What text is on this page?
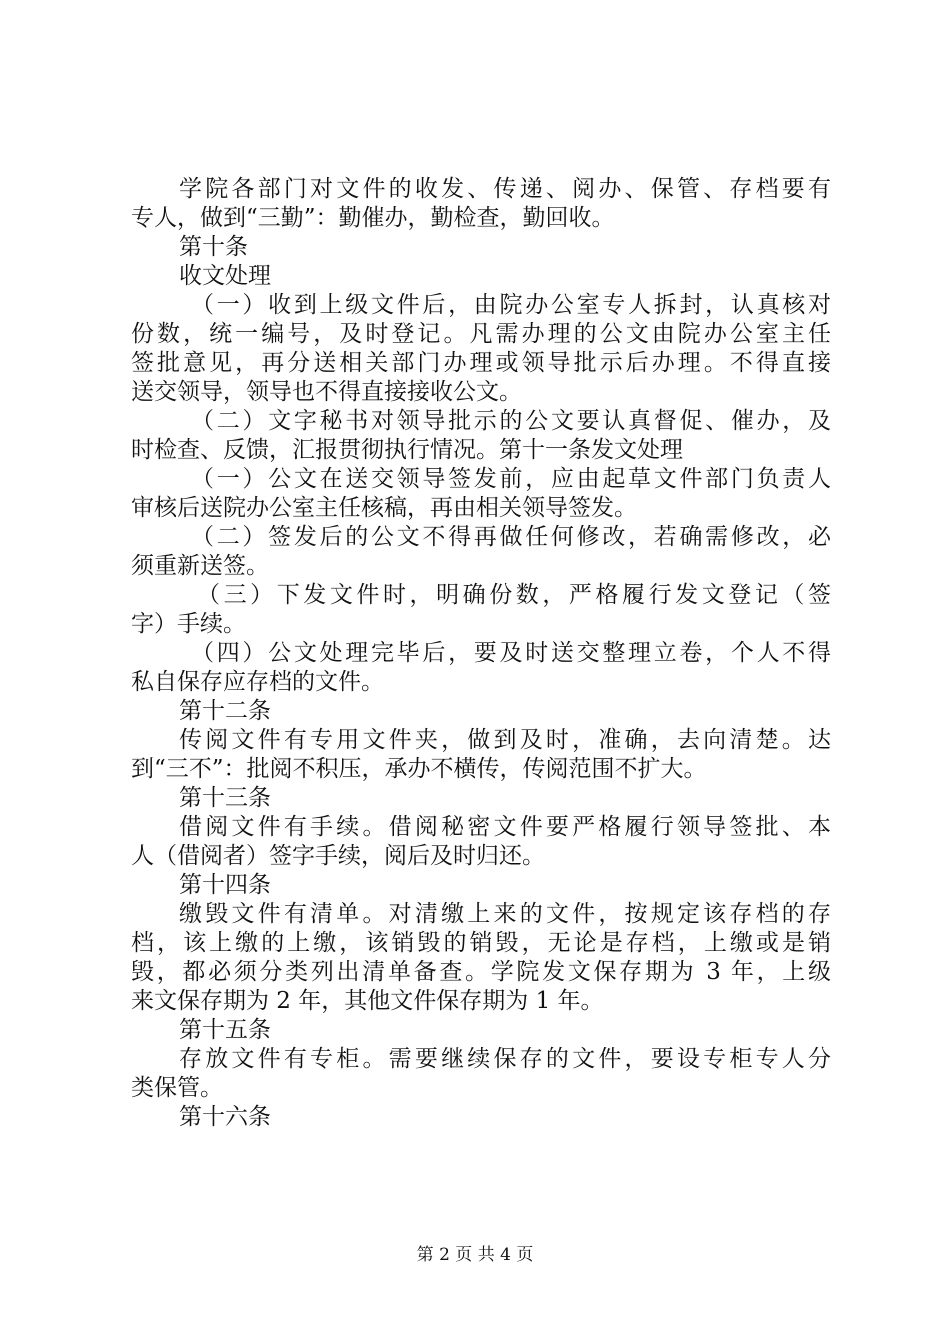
学院各部门对文件的收发、传递、阅办、保管、存档要有
专人，做到“三勤”：勤催办，勤检查，勤回收。
第十条
收文处理
（一）收到上级文件后，由院办公室专人拆封，认真核对
份数，统一编号，及时登记。凡需办理的公文由院办公室主任
签批意见，再分送相关部门办理或领导批示后办理。不得直接
送交领导，领导也不得直接接收公文。
（二）文字秘书对领导批示的公文要认真督促、催办，及
时检查、反馈，汇报贯彻执行情况。第十一条发文处理
（一）公文在送交领导签发前，应由起草文件部门负责人
审核后送院办公室主任核稿，再由相关领导签发。
（二）签发后的公文不得再做任何修改，若确需修改，必
须重新送签。
（三）下发文件时，明确份数，严格履行发文登记（签
字）手续。
（四）公文处理完毕后，要及时送交整理立卷，个人不得
私自保存应存档的文件。
第十二条
传阅文件有专用文件夹，做到及时，准确，去向清楚。达
到“三不”：批阅不积压，承办不横传，传阅范围不扩大。
第十三条
借阅文件有手续。借阅秘密文件要严格履行领导签批、本
人（借阅者）签字手续，阅后及时归还。
第十四条
缴毁文件有清单。对清缴上来的文件，按规定该存档的存
档，该上缴的上缴，该销毁的销毁，无论是存档，上缴或是销
毁，都必须分类列出清单备查。学院发文保存期为 3 年，上级
来文保存期为 2 年，其他文件保存期为 1 年。
第十五条
存放文件有专柜。需要继续保存的文件，要设专柜专人分
类保管。
第十六条
第 2 页 共 4 页
